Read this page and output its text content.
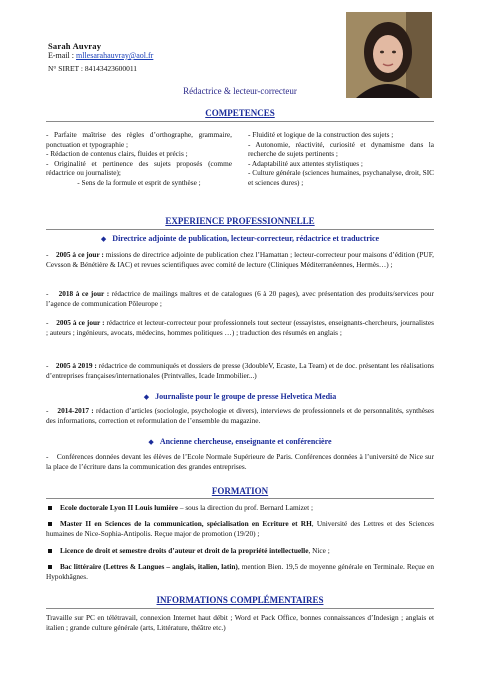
Sarah Auvray
E-mail : mllesarahauvray@aol.fr
N° SIRET : 84143423600011
Rédactrice & lecteur-correcteur
COMPETENCES
- Parfaite maîtrise des règles d’orthographe, grammaire, ponctuation et typographie ;
- Rédaction de contenus clairs, fluides et précis ;
- Originalité et pertinence des sujets proposés (comme rédactrice ou journaliste);
- Sens de la formule et esprit de synthèse ;
- Fluidité et logique de la construction des sujets ;
- Autonomie, réactivité, curiosité et dynamisme dans la recherche de sujets pertinents ;
- Adaptabilité aux attentes stylistiques ;
- Culture générale (sciences humaines, psychanalyse, droit, SIC et sciences dures) ;
EXPERIENCE PROFESSIONNELLE
◆ Directrice adjointe de publication, lecteur-correcteur, rédactrice et traductrice
-    2005 à ce jour : missions de directrice adjointe de publication chez l’Hamattan ; lecteur-correcteur pour maisons d’édition (PUF, Cevsson & Bénétière & IAC) et revues scientifiques avec comité de lecture (Cliniques Méditerranéennes, Hermès…) ;
-    2018 à ce jour : rédactrice de mailings maîtres et de catalogues (6 à 20 pages), avec présentation des produits/services pour l’agence de communication Pôleurope ;
-    2005 à ce jour : rédactrice et lecteur-correcteur pour professionnels tout secteur (essayistes, enseignants-chercheurs, journalistes ; auteurs ; ingénieurs, avocats, médecins, hommes politiques …) ; traduction des résumés en anglais ;
-    2005 à 2019 : rédactrice de communiqués et dossiers de presse (3doubleV, Ecaste, La Team) et de doc. présentant les réalisations d’entreprises françaises/internationales (Printvalles, Icade Immobilier...)
◆ Journaliste pour le groupe de presse Helvetica Media
-    2014-2017 : rédaction d’articles (sociologie, psychologie et divers), interviews de professionnels et de personnalités, synthèses des informations, correction et reformulation de l’ensemble du magazine.
◆ Ancienne chercheuse, enseignante et conférencière
-    Conférences données devant les élèves de l’Ecole Normale Supérieure de Paris. Conférences données à l’université de Nice sur la place de l’écriture dans la communication des grandes entreprises.
FORMATION
Ecole doctorale Lyon II Louis lumière – sous la direction du prof. Bernard Lamizet ;
Master II en Sciences de la communication, spécialisation en Ecriture et RH, Université des Lettres et des Sciences humaines de Nice-Sophia-Antipolis. Reçue major de promotion (19/20) ;
Licence de droit et semestre droits d’auteur et droit de la propriété intellectuelle, Nice ;
Bac littéraire (Lettres & Langues – anglais, italien, latin), mention Bien. 19,5 de moyenne générale en Terminale. Reçue en Hypokhâgnes.
INFORMATIONS COMPLÉMENTAIRES
Travaille sur PC en télétravail, connexion Internet haut débit ; Word et Pack Office, bonnes connaissances d’Indesign ; anglais et italien ; grande culture générale (arts, Littérature, théâtre etc.)
